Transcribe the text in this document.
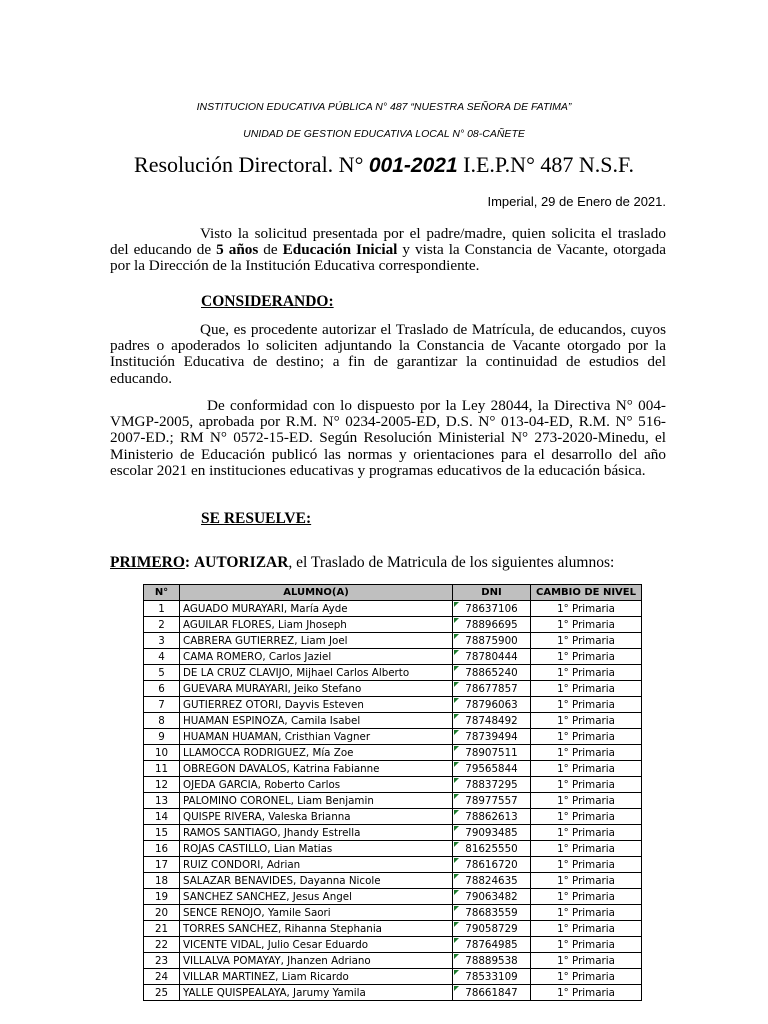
INSTITUCION EDUCATIVA PÚBLICA N° 487 “NUESTRA SEÑORA DE FATIMA”
UNIDAD DE GESTION EDUCATIVA LOCAL N° 08-CAÑETE
Resolución Directoral. N° 001-2021 I.E.P.N° 487 N.S.F.
Imperial, 29 de Enero de 2021.

Visto la solicitud presentada por el padre/madre, quien solicita el traslado del educando de 5 años de Educación Inicial y vista la Constancia de Vacante, otorgada por la Dirección de la Institución Educativa correspondiente.

CONSIDERANDO:

Que, es procedente autorizar el Traslado de Matrícula, de educandos, cuyos padres o apoderados lo soliciten adjuntando la Constancia de Vacante otorgado por la Institución Educativa de destino; a fin de garantizar la continuidad de estudios del educando.

De conformidad con lo dispuesto por la Ley 28044, la Directiva N° 004-VMGP-2005, aprobada por R.M. N° 0234-2005-ED, D.S. N° 013-04-ED, R.M. N° 516-2007-ED.; RM N° 0572-15-ED. Según Resolución Ministerial N° 273-2020-Minedu, el Ministerio de Educación publicó las normas y orientaciones para el desarrollo del año escolar 2021 en instituciones educativas y programas educativos de la educación básica.

SE RESUELVE:
PRIMERO: AUTORIZAR, el Traslado de Matricula de los siguientes alumnos:
N°	ALUMNO(A)	DNI	CAMBIO DE NIVEL
1	AGUADO MURAYARI, María Ayde	78637106	1° Primaria
2	AGUILAR FLORES, Liam Jhoseph	78896695	1° Primaria
3	CABRERA GUTIERREZ, Liam Joel	78875900	1° Primaria
4	CAMA ROMERO, Carlos Jaziel	78780444	1° Primaria
5	DE LA CRUZ CLAVIJO, Mijhael Carlos Alberto	78865240	1° Primaria
6	GUEVARA MURAYARI, Jeiko Stefano	78677857	1° Primaria
7	GUTIERREZ OTORI, Dayvis Esteven	78796063	1° Primaria
8	HUAMAN ESPINOZA, Camila Isabel	78748492	1° Primaria
9	HUAMAN HUAMAN, Cristhian Vagner	78739494	1° Primaria
10	LLAMOCCA RODRIGUEZ, Mía Zoe	78907511	1° Primaria
11	OBREGON DAVALOS, Katrina Fabianne	79565844	1° Primaria
12	OJEDA GARCIA, Roberto Carlos	78837295	1° Primaria
13	PALOMINO CORONEL, Liam Benjamin	78977557	1° Primaria
14	QUISPE RIVERA, Valeska Brianna	78862613	1° Primaria
15	RAMOS SANTIAGO, Jhandy Estrella	79093485	1° Primaria
16	ROJAS CASTILLO, Lian Matias	81625550	1° Primaria
17	RUIZ CONDORI, Adrian	78616720	1° Primaria
18	SALAZAR BENAVIDES, Dayanna Nicole	78824635	1° Primaria
19	SANCHEZ SANCHEZ, Jesus Angel	79063482	1° Primaria
20	SENCE RENOJO, Yamile Saori	78683559	1° Primaria
21	TORRES SANCHEZ, Rihanna Stephania	79058729	1° Primaria
22	VICENTE VIDAL, Julio Cesar Eduardo	78764985	1° Primaria
23	VILLALVA POMAYAY, Jhanzen Adriano	78889538	1° Primaria
24	VILLAR MARTINEZ, Liam Ricardo	78533109	1° Primaria
25	YALLE QUISPEALAYA, Jarumy Yamila	78661847	1° Primaria
